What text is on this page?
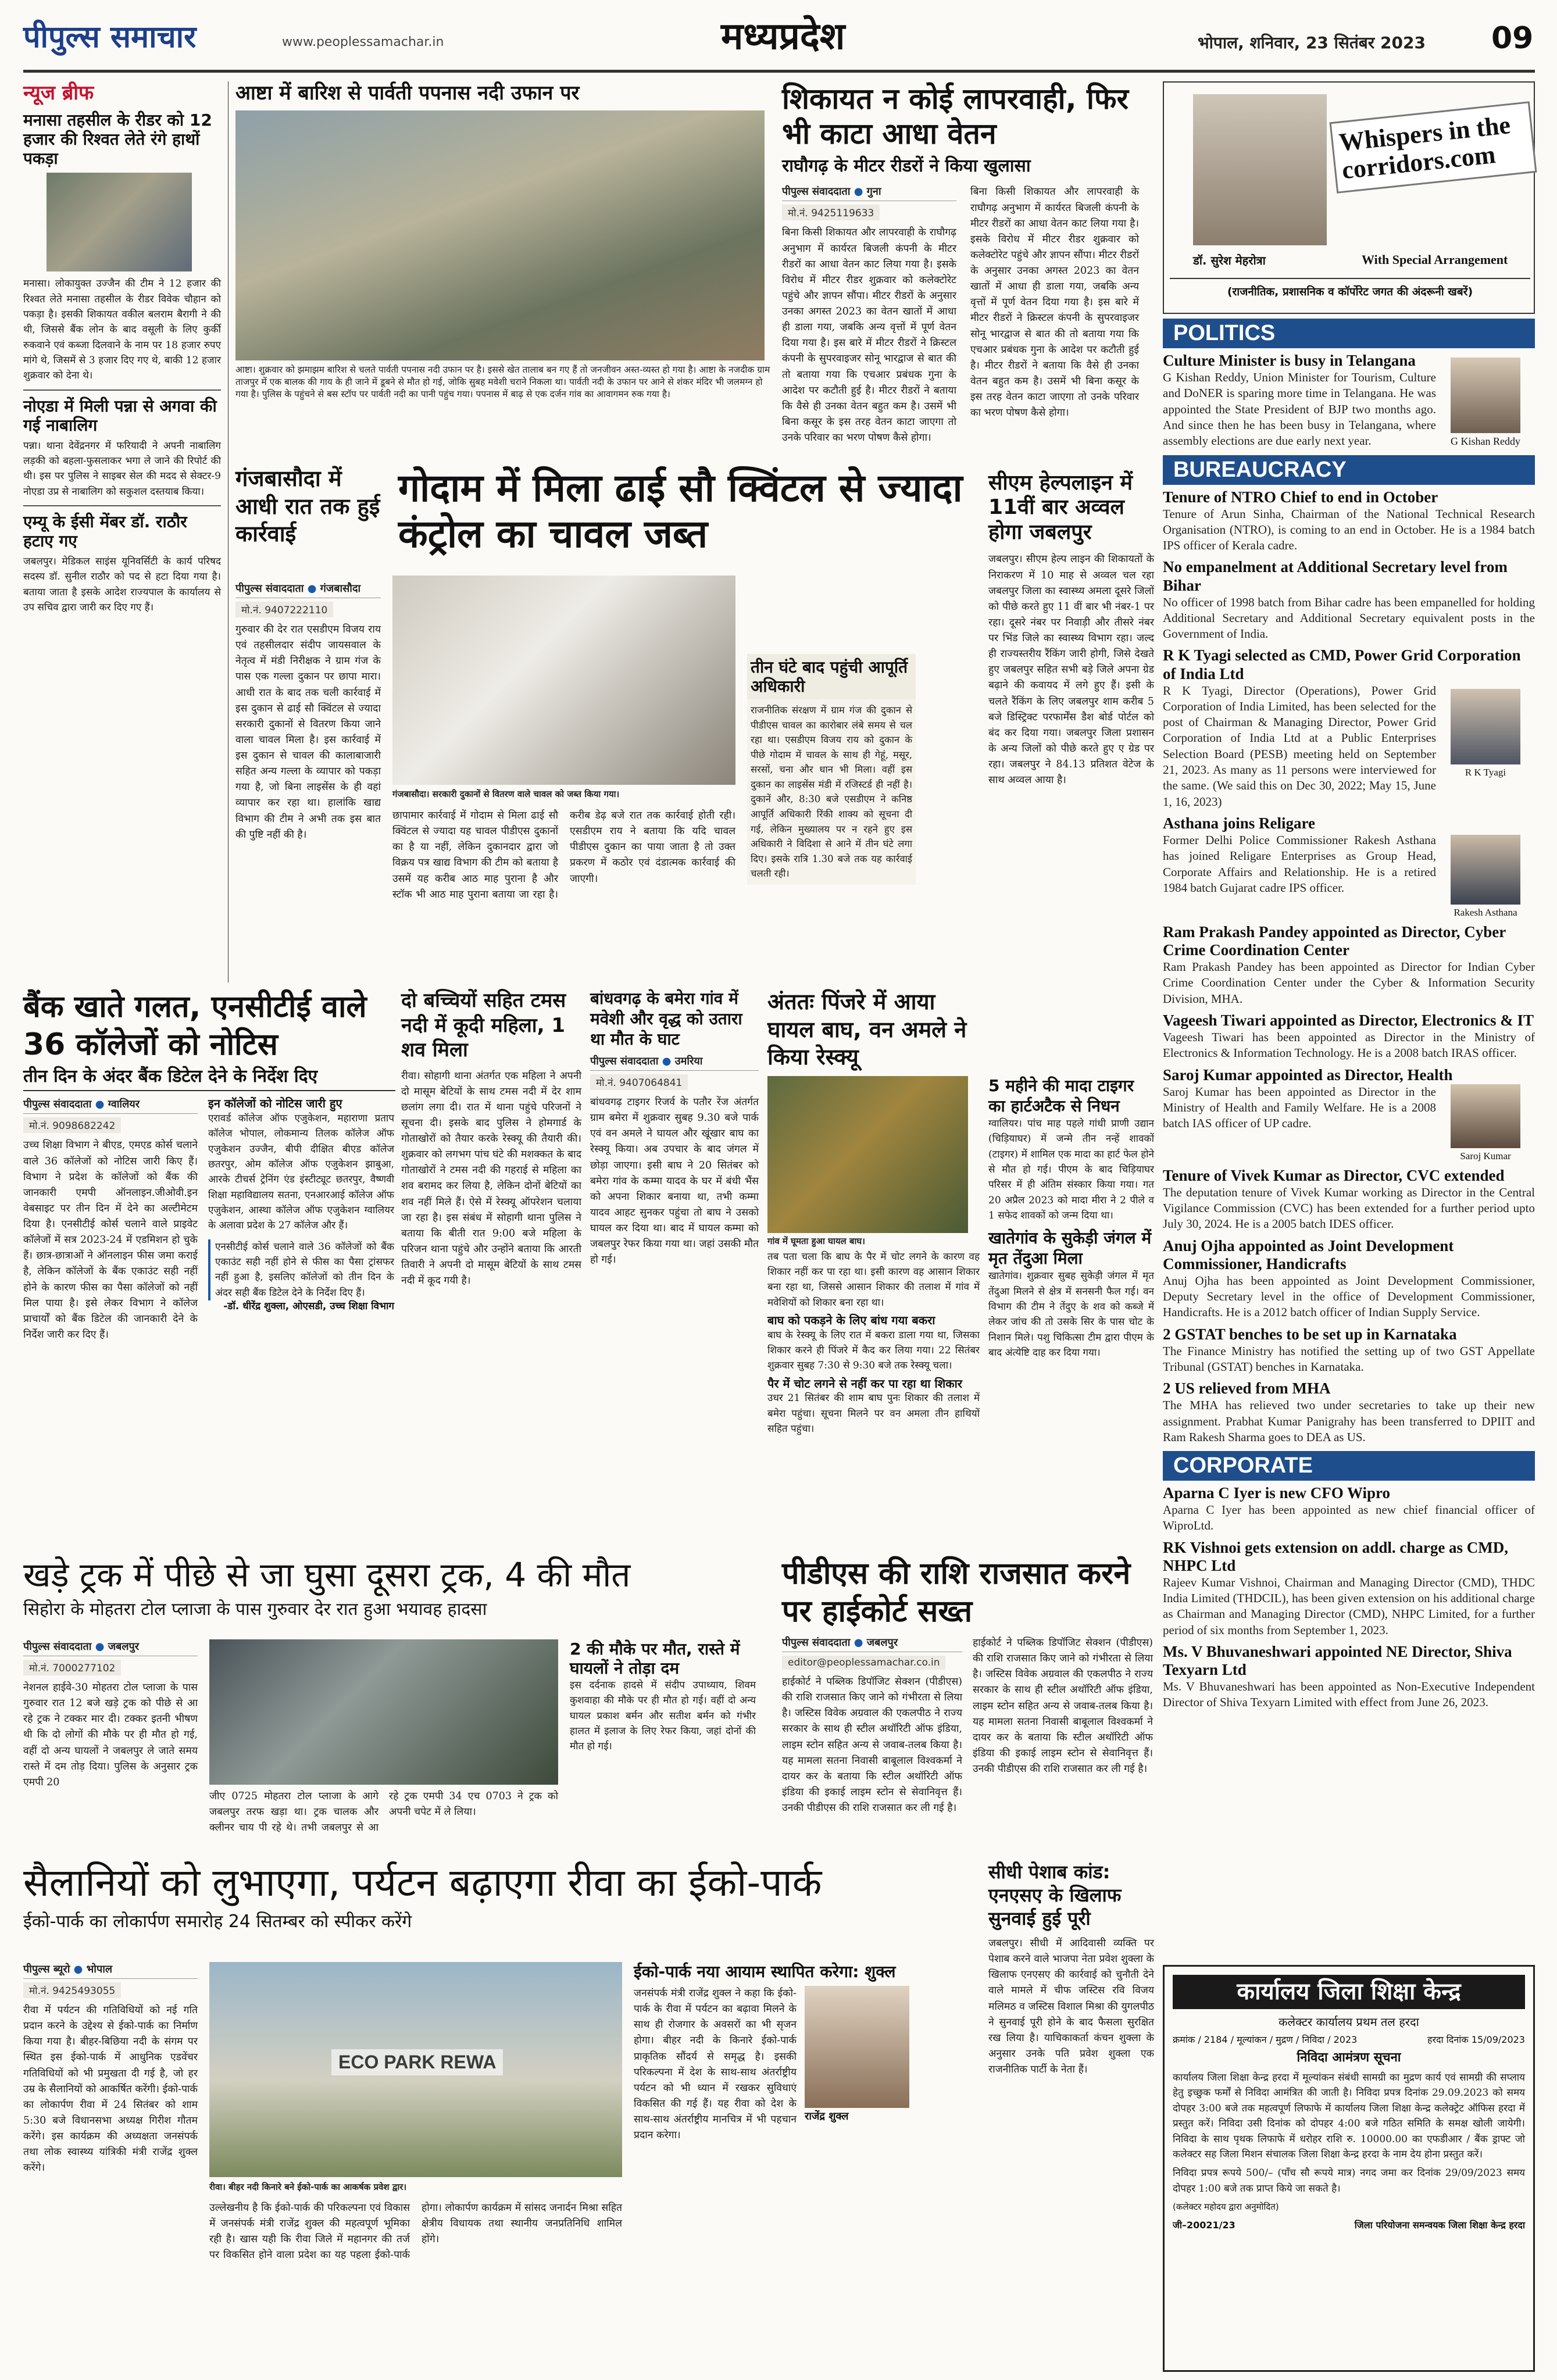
पीपुल्स समाचार	www.peoplessamachar.in	मध्यप्रदेश	भोपाल, शनिवार, 23 सितंबर 2023 09
न्यूज ब्रीफ
मनासा तहसील के रीडर को 12 हजार की रिश्वत लेते रंगे हाथों पकड़ा
मनासा। लोकायुक्त उज्जैन की टीम ने 12 हजार की रिश्वत लेते मनासा तहसील के रीडर विवेक चौहान को पकड़ा है। इसकी शिकायत वकील बलराम बैरागी ने की थी, जिससे बैंक लोन के बाद वसूली के लिए कुर्की रुकवाने एवं कब्जा दिलवाने के नाम पर 18 हजार रुपए मांगे थे, जिसमें से 3 हजार दिए गए थे, बाकी 12 हजार शुक्रवार को देना थे।
नोएडा में मिली पन्ना से अगवा की गई नाबालिग
पन्ना। थाना देवेंद्रनगर में फरियादी ने अपनी नाबालिग लड़की को बहला-फुसलाकर भगा ले जाने की रिपोर्ट की थी। इस पर पुलिस ने साइबर सेल की मदद से सेक्टर-9 नोएडा उप्र से नाबालिग को सकुशल दस्तयाब किया।
एम्यू के ईसी मेंबर डॉ. राठौर हटाए गए
जबलपुर। मेडिकल साइंस यूनिवर्सिटी के कार्य परिषद सदस्य डॉ. सुनील राठौर को पद से हटा दिया गया है। बताया जाता है इसके आदेश राज्यपाल के कार्यालय से उप सचिव द्वारा जारी कर दिए गए हैं।
आष्टा में बारिश से पार्वती पपनास नदी उफान पर
आष्टा। शुक्रवार को झमाझम बारिश से चलते पार्वती पपनास नदी उफान पर है। इससे खेत तालाब बन गए हैं तो जनजीवन अस्त-व्यस्त हो गया है। आष्टा के नजदीक ग्राम ताजपुर में एक बालक की गाय के ही जाने में डूबने से मौत हो गई, जोकि सुबह मवेशी चराने निकला था। पार्वती नदी के उफान पर आने से शंकर मंदिर भी जलमग्न हो गया है। पुलिस के पहुंचने से बस स्टॉप पर पार्वती नदी का पानी पहुंच गया। पपनास में बाढ़ से एक दर्जन गांव का आवागमन रुक गया है।
शिकायत न कोई लापरवाही, फिर भी काटा आधा वेतन
राघौगढ़ के मीटर रीडरों ने किया खुलासा
पीपुल्स संवाददाता ● गुना
मो.नं. 9425119633
बिना किसी शिकायत और लापरवाही के राघौगढ़ अनुभाग में कार्यरत बिजली कंपनी के मीटर रीडरों का आधा वेतन काट लिया गया है। इसके विरोध में मीटर रीडर शुक्रवार को कलेक्टोरेट पहुंचे और ज्ञापन सौंपा। मीटर रीडरों के अनुसार उनका अगस्त 2023 का वेतन खातों में आधा ही डाला गया, जबकि अन्य वृत्तों में पूर्ण वेतन दिया गया है। इस बारे में मीटर रीडरों ने क्रिस्टल कंपनी के सुपरवाइजर सोनू भारद्वाज से बात की तो बताया गया कि एचआर प्रबंधक गुना के आदेश पर कटौती हुई है। मीटर रीडरों ने बताया कि वैसे ही उनका वेतन बहुत कम है। उसमें भी बिना कसूर के इस तरह वेतन काटा जाएगा तो उनके परिवार का भरण पोषण कैसे होगा।
बिना किसी शिकायत और लापरवाही के राघौगढ़ अनुभाग में कार्यरत बिजली कंपनी के मीटर रीडरों का आधा वेतन काट लिया गया है। इसके विरोध में मीटर रीडर शुक्रवार को कलेक्टोरेट पहुंचे और ज्ञापन सौंपा। मीटर रीडरों के अनुसार उनका अगस्त 2023 का वेतन खातों में आधा ही डाला गया, जबकि अन्य वृत्तों में पूर्ण वेतन दिया गया है। इस बारे में मीटर रीडरों ने क्रिस्टल कंपनी के सुपरवाइजर सोनू भारद्वाज से बात की तो बताया गया कि एचआर प्रबंधक गुना के आदेश पर कटौती हुई है। मीटर रीडरों ने बताया कि वैसे ही उनका वेतन बहुत कम है। उसमें भी बिना कसूर के इस तरह वेतन काटा जाएगा तो उनके परिवार का भरण पोषण कैसे होगा।
Whispers in the corridors.com
डॉ. सुरेश मेहरोत्रा	With Special Arrangement
(राजनीतिक, प्रशासनिक व कॉर्पोरेट जगत की अंदरूनी खबरें)
POLITICS
Culture Minister is busy in Telangana
G Kishan Reddy, Union Minister for Tourism, Culture and DoNER is sparing more time in Telangana. He was appointed the State President of BJP two months ago. And since then he has been busy in Telangana, where assembly elections are due early next year.	G Kishan Reddy
BUREAUCRACY
Tenure of NTRO Chief to end in October
Tenure of Arun Sinha, Chairman of the National Technical Research Organisation (NTRO), is coming to an end in October. He is a 1984 batch IPS officer of Kerala cadre.
No empanelment at Additional Secretary level from Bihar
No officer of 1998 batch from Bihar cadre has been empanelled for holding Additional Secretary and Additional Secretary equivalent posts in the Government of India.
R K Tyagi selected as CMD, Power Grid Corporation of India Ltd
R K Tyagi, Director (Operations), Power Grid Corporation of India Limited, has been selected for the post of Chairman & Managing Director, Power Grid Corporation of India Ltd at a Public Enterprises Selection Board (PESB) meeting held on September 21, 2023. As many as 11 persons were interviewed for the same. (We said this on Dec 30, 2022; May 15, June 1, 16, 2023)
R K Tyagi
Asthana joins Religare
Former Delhi Police Commissioner Rakesh Asthana has joined Religare Enterprises as Group Head, Corporate Affairs and Relationship. He is a retired 1984 batch Gujarat cadre IPS officer.
Rakesh Asthana
Ram Prakash Pandey appointed as Director, Cyber Crime Coordination Center
Ram Prakash Pandey has been appointed as Director for Indian Cyber Crime Coordination Center under the Cyber & Information Security Division, MHA.
Vageesh Tiwari appointed as Director, Electronics & IT
Vageesh Tiwari has been appointed as Director in the Ministry of Electronics & Information Technology. He is a 2008 batch IRAS officer.
Saroj Kumar appointed as Director, Health
Saroj Kumar has been appointed as Director in the Ministry of Health and Family Welfare. He is a 2008 batch IAS officer of UP cadre.
Saroj Kumar
Tenure of Vivek Kumar as Director, CVC extended
The deputation tenure of Vivek Kumar working as Director in the Central Vigilance Commission (CVC) has been extended for a further period upto July 30, 2024. He is a 2005 batch IDES officer.
Anuj Ojha appointed as Joint Development Commissioner, Handicrafts
Anuj Ojha has been appointed as Joint Development Commissioner, Deputy Secretary level in the office of Development Commissioner, Handicrafts. He is a 2012 batch officer of Indian Supply Service.
2 GSTAT benches to be set up in Karnataka
The Finance Ministry has notified the setting up of two GST Appellate Tribunal (GSTAT) benches in Karnataka.
2 US relieved from MHA
The MHA has relieved two under secretaries to take up their new assignment. Prabhat Kumar Panigrahy has been transferred to DPIIT and Ram Rakesh Sharma goes to DEA as US.
CORPORATE
Aparna C Iyer is new CFO Wipro
Aparna C Iyer has been appointed as new chief financial officer of WiproLtd.
RK Vishnoi gets extension on addl. charge as CMD, NHPC Ltd
Rajeev Kumar Vishnoi, Chairman and Managing Director (CMD), THDC India Limited (THDCIL), has been given extension on his additional charge as Chairman and Managing Director (CMD), NHPC Limited, for a further period of six months from September 1, 2023.
Ms. V Bhuvaneshwari appointed NE Director, Shiva Texyarn Ltd
Ms. V Bhuvaneshwari has been appointed as Non-Executive Independent Director of Shiva Texyarn Limited with effect from June 26, 2023.
गंजबासौदा में आधी रात तक हुई कार्रवाई
गोदाम में मिला ढाई सौ क्विंटल से ज्यादा कंट्रोल का चावल जब्त
पीपुल्स संवाददाता ● गंजबासौदा
मो.नं. 9407222110
गुरुवार की देर रात एसडीएम विजय राय एवं तहसीलदार संदीप जायसवाल के नेतृत्व में मंडी निरीक्षक ने ग्राम गंज के पास एक गल्ला दुकान पर छापा मारा। आधी रात के बाद तक चली कार्रवाई में इस दुकान से ढाई सौ क्विंटल से ज्यादा सरकारी दुकानों से वितरण किया जाने वाला चावल मिला है। इस कार्रवाई में इस दुकान से चावल की कालाबाजारी सहित अन्य गल्ला के व्यापार को पकड़ा गया है, जो बिना लाइसेंस के ही वहां व्यापार कर रहा था। हालांकि खाद्य विभाग की टीम ने अभी तक इस बात की पुष्टि नहीं की है।
गंजबासौदा। सरकारी दुकानों से वितरण वाले चावल को जब्त किया गया।
छापामार कार्रवाई में गोदाम से मिला ढाई सौ क्विंटल से ज्यादा यह चावल पीडीएस दुकानों का है या नहीं, लेकिन दुकानदार द्वारा जो विक्रय पत्र खाद्य विभाग की टीम को बताया है उसमें यह करीब आठ माह पुराना है और स्टॉक भी आठ माह पुराना बताया जा रहा है। करीब डेढ़ बजे रात तक कार्रवाई होती रही। एसडीएम राय ने बताया कि यदि चावल पीडीएस दुकान का पाया जाता है तो उक्त प्रकरण में कठोर एवं दंडात्मक कार्रवाई की जाएगी।
तीन घंटे बाद पहुंची आपूर्ति अधिकारी
राजनीतिक संरक्षण में ग्राम गंज की दुकान से पीडीएस चावल का कारोबार लंबे समय से चल रहा था। एसडीएम विजय राय को दुकान के पीछे गोदाम में चावल के साथ ही गेहूं, मसूर, सरसों, चना और धान भी मिला। वहीं इस दुकान का लाइसेंस मंडी में रजिस्टर्ड ही नहीं है। दुकानें और, 8:30 बजे एसडीएम ने कनिष्ठ आपूर्ति अधिकारी रिंकी शाक्य को सूचना दी गई, लेकिन मुख्यालय पर न रहने हुए इस अधिकारी ने विदिशा से आने में तीन घंटे लगा दिए। इसके रात्रि 1.30 बजे तक यह कार्रवाई चलती रही।
सीएम हेल्पलाइन में 11वीं बार अव्वल होगा जबलपुर
जबलपुर। सीएम हेल्प लाइन की शिकायतों के निराकरण में 10 माह से अव्वल चल रहा जबलपुर जिला का स्वास्थ्य अमला दूसरे जिलों को पीछे करते हुए 11 वीं बार भी नंबर-1 पर रहा। दूसरे नंबर पर निवाड़ी और तीसरे नंबर पर भिंड जिले का स्वास्थ्य विभाग रहा। जल्द ही राज्यस्तरीय रैंकिंग जारी होगी, जिसे देखते हुए जबलपुर सहित सभी बड़े जिले अपना ग्रेड बढ़ाने की कवायद में लगे हुए हैं। इसी के चलते रैंकिंग के लिए जबलपुर शाम करीब 5 बजे डिस्ट्रिक्ट परफार्मेंस डैश बोर्ड पोर्टल को बंद कर दिया गया। जबलपुर जिला प्रशासन के अन्य जिलों को पीछे करते हुए ए ग्रेड पर रहा। जबलपुर ने 84.13 प्रतिशत वेटेज के साथ अव्वल आया है।
बैंक खाते गलत, एनसीटीई वाले 36 कॉलेजों को नोटिस
तीन दिन के अंदर बैंक डिटेल देने के निर्देश दिए
पीपुल्स संवाददाता ● ग्वालियर
मो.नं. 9098682242
उच्च शिक्षा विभाग ने बीएड, एमएड कोर्स चलाने वाले 36 कॉलेजों को नोटिस जारी किए हैं। विभाग ने प्रदेश के कॉलेजों को बैंक की जानकारी एमपी ऑनलाइन.जीओवी.इन वेबसाइट पर तीन दिन में देने का अल्टीमेटम दिया है। एनसीटीई कोर्स चलाने वाले प्राइवेट कॉलेजों में सत्र 2023-24 में एडमिशन हो चुके हैं। छात्र-छात्राओं ने ऑनलाइन फीस जमा कराई है, लेकिन कॉलेजों के बैंक एकाउंट सही नहीं होने के कारण फीस का पैसा कॉलेजों को नहीं मिल पाया है। इसे लेकर विभाग ने कॉलेज प्राचार्यों को बैंक डिटेल की जानकारी देने के निर्देश जारी कर दिए हैं।
इन कॉलेजों को नोटिस जारी हुए
एरावर्ड कॉलेज ऑफ एजुकेशन, महाराणा प्रताप कॉलेज भोपाल, लोकमान्य तिलक कॉलेज ऑफ एजुकेशन उज्जैन, बीपी दीक्षित बीएड कॉलेज छतरपुर, ओम कॉलेज ऑफ एजुकेशन झाबुआ, आरके टीचर्स ट्रेनिंग एंड इंस्टीट्यूट छतरपुर, वैष्णवी शिक्षा महाविद्यालय सतना, एनआरआई कॉलेज ऑफ एजुकेशन, आस्था कॉलेज ऑफ एजुकेशन ग्वालियर के अलावा प्रदेश के 27 कॉलेज और हैं।
एनसीटीई कोर्स चलाने वाले 36 कॉलेजों को बैंक एकाउंट सही नहीं होने से फीस का पैसा ट्रांसफर नहीं हुआ है, इसलिए कॉलेजों को तीन दिन के अंदर सही बैंक डिटेल देने के निर्देश दिए हैं।
-डॉ. धीरेंद्र शुक्ला, ओएसडी, उच्च शिक्षा विभाग
दो बच्चियों सहित टमस नदी में कूदी महिला, 1 शव मिला
रीवा। सोहागी थाना अंतर्गत एक महिला ने अपनी दो मासूम बेटियों के साथ टमस नदी में देर शाम छलांग लगा दी। रात में थाना पहुंचे परिजनों ने सूचना दी। इसके बाद पुलिस ने होमगार्ड के गोताखोरों को तैयार करके रेस्क्यू की तैयारी की। शुक्रवार को लगभग पांच घंटे की मशक्कत के बाद गोताखोरों ने टमस नदी की गहराई से महिला का शव बरामद कर लिया है, लेकिन दोनों बेटियों का शव नहीं मिले हैं। ऐसे में रेस्क्यू ऑपरेशन चलाया जा रहा है। इस संबंध में सोहागी थाना पुलिस ने बताया कि बीती रात 9:00 बजे महिला के परिजन थाना पहुंचे और उन्होंने बताया कि आरती तिवारी ने अपनी दो मासूम बेटियों के साथ टमस नदी में कूद गयी है।
बांधवगढ़ के बमेरा गांव में मवेशी और वृद्ध को उतारा था मौत के घाट
पीपुल्स संवाददाता ● उमरिया
मो.नं. 9407064841
बांधवगढ़ टाइगर रिजर्व के पतौर रेंज अंतर्गत ग्राम बमेरा में शुक्रवार सुबह 9.30 बजे पार्क एवं वन अमले ने घायल और खूंखार बाघ का रेस्क्यू किया। अब उपचार के बाद जंगल में छोड़ा जाएगा। इसी बाघ ने 20 सितंबर को बमेरा गांव के कम्मा यादव के घर में बंधी भैंस को अपना शिकार बनाया था, तभी कम्मा यादव आहट सुनकर पहुंचा तो बाघ ने उसको घायल कर दिया था। बाद में घायल कम्मा को जबलपुर रेफर किया गया था। जहां उसकी मौत हो गई।
अंततः पिंजरे में आया घायल बाघ, वन अमले ने किया रेस्क्यू
गांव में घूमता हुआ घायल बाघ।
तब पता चला कि बाघ के पैर में चोट लगने के कारण वह शिकार नहीं कर पा रहा था। इसी कारण वह आसान शिकार बना रहा था, जिससे आसान शिकार की तलाश में गांव में मवेशियों को शिकार बना रहा था।
बाघ को पकड़ने के लिए बांध गया बकरा
बाघ के रेस्क्यू के लिए रात में बकरा डाला गया था, जिसका शिकार करने ही पिंजरे में कैद कर लिया गया। 22 सितंबर शुक्रवार सुबह 7:30 से 9:30 बजे तक रेस्क्यू चला।
पैर में चोट लगने से नहीं कर पा रहा था शिकार
उधर 21 सितंबर की शाम बाघ पुनः शिकार की तलाश में बमेरा पहुंचा। सूचना मिलने पर वन अमला तीन हाथियों सहित पहुंचा।
5 महीने की मादा टाइगर का हार्टअटैक से निधन
ग्वालियर। पांच माह पहले गांधी प्राणी उद्यान (चिड़ियाघर) में जन्मे तीन नन्हें शावकों (टाइगर) में शामिल एक मादा का हार्ट फेल होने से मौत हो गई। पीएम के बाद चिड़ियाघर परिसर में ही अंतिम संस्कार किया गया। गत 20 अप्रैल 2023 को मादा मीरा ने 2 पीले व 1 सफेद शावकों को जन्म दिया था।
खातेगांव के सुकेड़ी जंगल में मृत तेंदुआ मिला
खातेगांव। शुक्रवार सुबह सुकेड़ी जंगल में मृत तेंदुआ मिलने से क्षेत्र में सनसनी फैल गई। वन विभाग की टीम ने तेंदुए के शव को कब्जे में लेकर जांच की तो उसके सिर के पास चोट के निशान मिले। पशु चिकित्सा टीम द्वारा पीएम के बाद अंत्येष्टि दाह कर दिया गया।
खड़े ट्रक में पीछे से जा घुसा दूसरा ट्रक, 4 की मौत
सिहोरा के मोहतरा टोल प्लाजा के पास गुरुवार देर रात हुआ भयावह हादसा
पीपुल्स संवाददाता ● जबलपुर
मो.नं. 7000277102
नेशनल हाईवे-30 मोहतरा टोल प्लाजा के पास गुरुवार रात 12 बजे खड़े ट्रक को पीछे से आ रहे ट्रक ने टक्कर मार दी। टक्कर इतनी भीषण थी कि दो लोगों की मौके पर ही मौत हो गई, वहीं दो अन्य घायलों ने जबलपुर ले जाते समय रास्ते में दम तोड़ दिया। पुलिस के अनुसार ट्रक एमपी 20
जीए 0725 मोहतरा टोल प्लाजा के आगे जबलपुर तरफ खड़ा था। ट्रक चालक और क्लीनर चाय पी रहे थे। तभी जबलपुर से आ रहे ट्रक एमपी 34 एच 0703 ने ट्रक को अपनी चपेट में ले लिया।
2 की मौके पर मौत, रास्ते में घायलों ने तोड़ा दम
इस दर्दनाक हादसे में संदीप उपाध्याय, शिवम कुशवाहा की मौके पर ही मौत हो गई। वहीं दो अन्य घायल प्रकाश बर्मन और सतीश बर्मन को गंभीर हालत में इलाज के लिए रेफर किया, जहां दोनों की मौत हो गई।
पीडीएस की राशि राजसात करने पर हाईकोर्ट सख्त
पीपुल्स संवाददाता ● जबलपुर
editor@peoplessamachar.co.in
हाईकोर्ट ने पब्लिक डिपॉजिट सेक्शन (पीडीएस) की राशि राजसात किए जाने को गंभीरता से लिया है। जस्टिस विवेक अग्रवाल की एकलपीठ ने राज्य सरकार के साथ ही स्टील अथॉरिटी ऑफ इंडिया, लाइम स्टोन सहित अन्य से जवाब-तलब किया है। यह मामला सतना निवासी बाबूलाल विश्वकर्मा ने दायर कर के बताया कि स्टील अथॉरिटी ऑफ इंडिया की इकाई लाइम स्टोन से सेवानिवृत्त हैं। उनकी पीडीएस की राशि राजसात कर ली गई है।
हाईकोर्ट ने पब्लिक डिपॉजिट सेक्शन (पीडीएस) की राशि राजसात किए जाने को गंभीरता से लिया है। जस्टिस विवेक अग्रवाल की एकलपीठ ने राज्य सरकार के साथ ही स्टील अथॉरिटी ऑफ इंडिया, लाइम स्टोन सहित अन्य से जवाब-तलब किया है। यह मामला सतना निवासी बाबूलाल विश्वकर्मा ने दायर कर के बताया कि स्टील अथॉरिटी ऑफ इंडिया की इकाई लाइम स्टोन से सेवानिवृत्त हैं। उनकी पीडीएस की राशि राजसात कर ली गई है।
सैलानियों को लुभाएगा, पर्यटन बढ़ाएगा रीवा का ईको-पार्क
ईको-पार्क का लोकार्पण समारोह 24 सितम्बर को स्पीकर करेंगे
पीपुल्स ब्यूरो ● भोपाल
मो.नं. 9425493055
रीवा में पर्यटन की गतिविधियों को नई गति प्रदान करने के उद्देश्य से ईको-पार्क का निर्माण किया गया है। बीहर-बिछिया नदी के संगम पर स्थित इस ईको-पार्क में आधुनिक एडवेंचर गतिविधियों को भी प्रमुखता दी गई है, जो हर उम्र के सैलानियों को आकर्षित करेंगी। ईको-पार्क का लोकार्पण रीवा में 24 सितंबर को शाम 5:30 बजे विधानसभा अध्यक्ष गिरीश गौतम करेंगे। इस कार्यक्रम की अध्यक्षता जनसंपर्क तथा लोक स्वास्थ्य यांत्रिकी मंत्री राजेंद्र शुक्ल करेंगे।
ECO PARK REWA
रीवा। बीहर नदी किनारे बने ईको-पार्क का आकर्षक प्रवेश द्वार।
उल्लेखनीय है कि ईको-पार्क की परिकल्पना एवं विकास में जनसंपर्क मंत्री राजेंद्र शुक्ल की महत्वपूर्ण भूमिका रही है। खास यही कि रीवा जिले में महानगर की तर्ज पर विकसित होने वाला प्रदेश का यह पहला ईको-पार्क होगा। लोकार्पण कार्यक्रम में सांसद जनार्दन मिश्रा सहित क्षेत्रीय विधायक तथा स्थानीय जनप्रतिनिधि शामिल होंगे।
ईको-पार्क नया आयाम स्थापित करेगा: शुक्ल
जनसंपर्क मंत्री राजेंद्र शुक्ल ने कहा कि ईको-पार्क के रीवा में पर्यटन का बढ़ावा मिलने के साथ ही रोजगार के अवसरों का भी सृजन होगा। बीहर नदी के किनारे ईको-पार्क प्राकृतिक सौंदर्य से समृद्ध है। इसकी परिकल्पना में देश के साथ-साथ अंतर्राष्ट्रीय पर्यटन को भी ध्यान में रखकर सुविधाएं विकसित की गई हैं। यह रीवा को देश के साथ-साथ अंतर्राष्ट्रीय मानचित्र में भी पहचान प्रदान करेगा।
राजेंद्र शुक्ल
सीधी पेशाब कांड: एनएसए के खिलाफ सुनवाई हुई पूरी
जबलपुर। सीधी में आदिवासी व्यक्ति पर पेशाब करने वाले भाजपा नेता प्रवेश शुक्ला के खिलाफ एनएसए की कार्रवाई को चुनौती देने वाले मामले में चीफ जस्टिस रवि विजय मलिमठ व जस्टिस विशाल मिश्रा की युगलपीठ ने सुनवाई पूरी होने के बाद फैसला सुरक्षित रख लिया है। याचिकाकर्ता कंचन शुक्ला के अनुसार उनके पति प्रवेश शुक्ला एक राजनीतिक पार्टी के नेता हैं।
कार्यालय जिला शिक्षा केन्द्र
कलेक्टर कार्यालय प्रथम तल हरदा
क्रमांक / 2184 / मूल्यांकन / मुद्रण / निविदा / 2023	हरदा दिनांक 15/09/2023
निविदा आमंत्रण सूचना
कार्यालय जिला शिक्षा केन्द्र हरदा में मूल्यांकन संबंधी सामग्री का मुद्रण कार्य एवं सामग्री की सप्लाय हेतु इच्छुक फर्मों से निविदा आमंत्रित की जाती है। निविदा प्रपत्र दिनांक 29.09.2023 को समय दोपहर 3:00 बजे तक महत्वपूर्ण लिफाफे में कार्यालय जिला शिक्षा केन्द्र कलेक्ट्रेट ऑफिस हरदा में प्रस्तुत करें। निविदा उसी दिनांक को दोपहर 4:00 बजे गठित समिति के समक्ष खोली जायेगी। निविदा के साथ पृथक लिफाफे में धरोहर राशि रु. 10000.00 का एफडीआर / बैंक ड्राफ्ट जो कलेक्टर सह जिला मिशन संचालक जिला शिक्षा केन्द्र हरदा के नाम देय होना प्रस्तुत करें।
निविदा प्रपत्र रूपये 500/– (पाँच सौ रूपये मात्र) नगद जमा कर दिनांक 29/09/2023 समय दोपहर 1:00 बजे तक प्राप्त किये जा सकते है।
(कलेक्टर महोदय द्वारा अनुमोदित)
जी–20021/23	जिला परियोजना समन्वयक जिला शिक्षा केन्द्र हरदा
